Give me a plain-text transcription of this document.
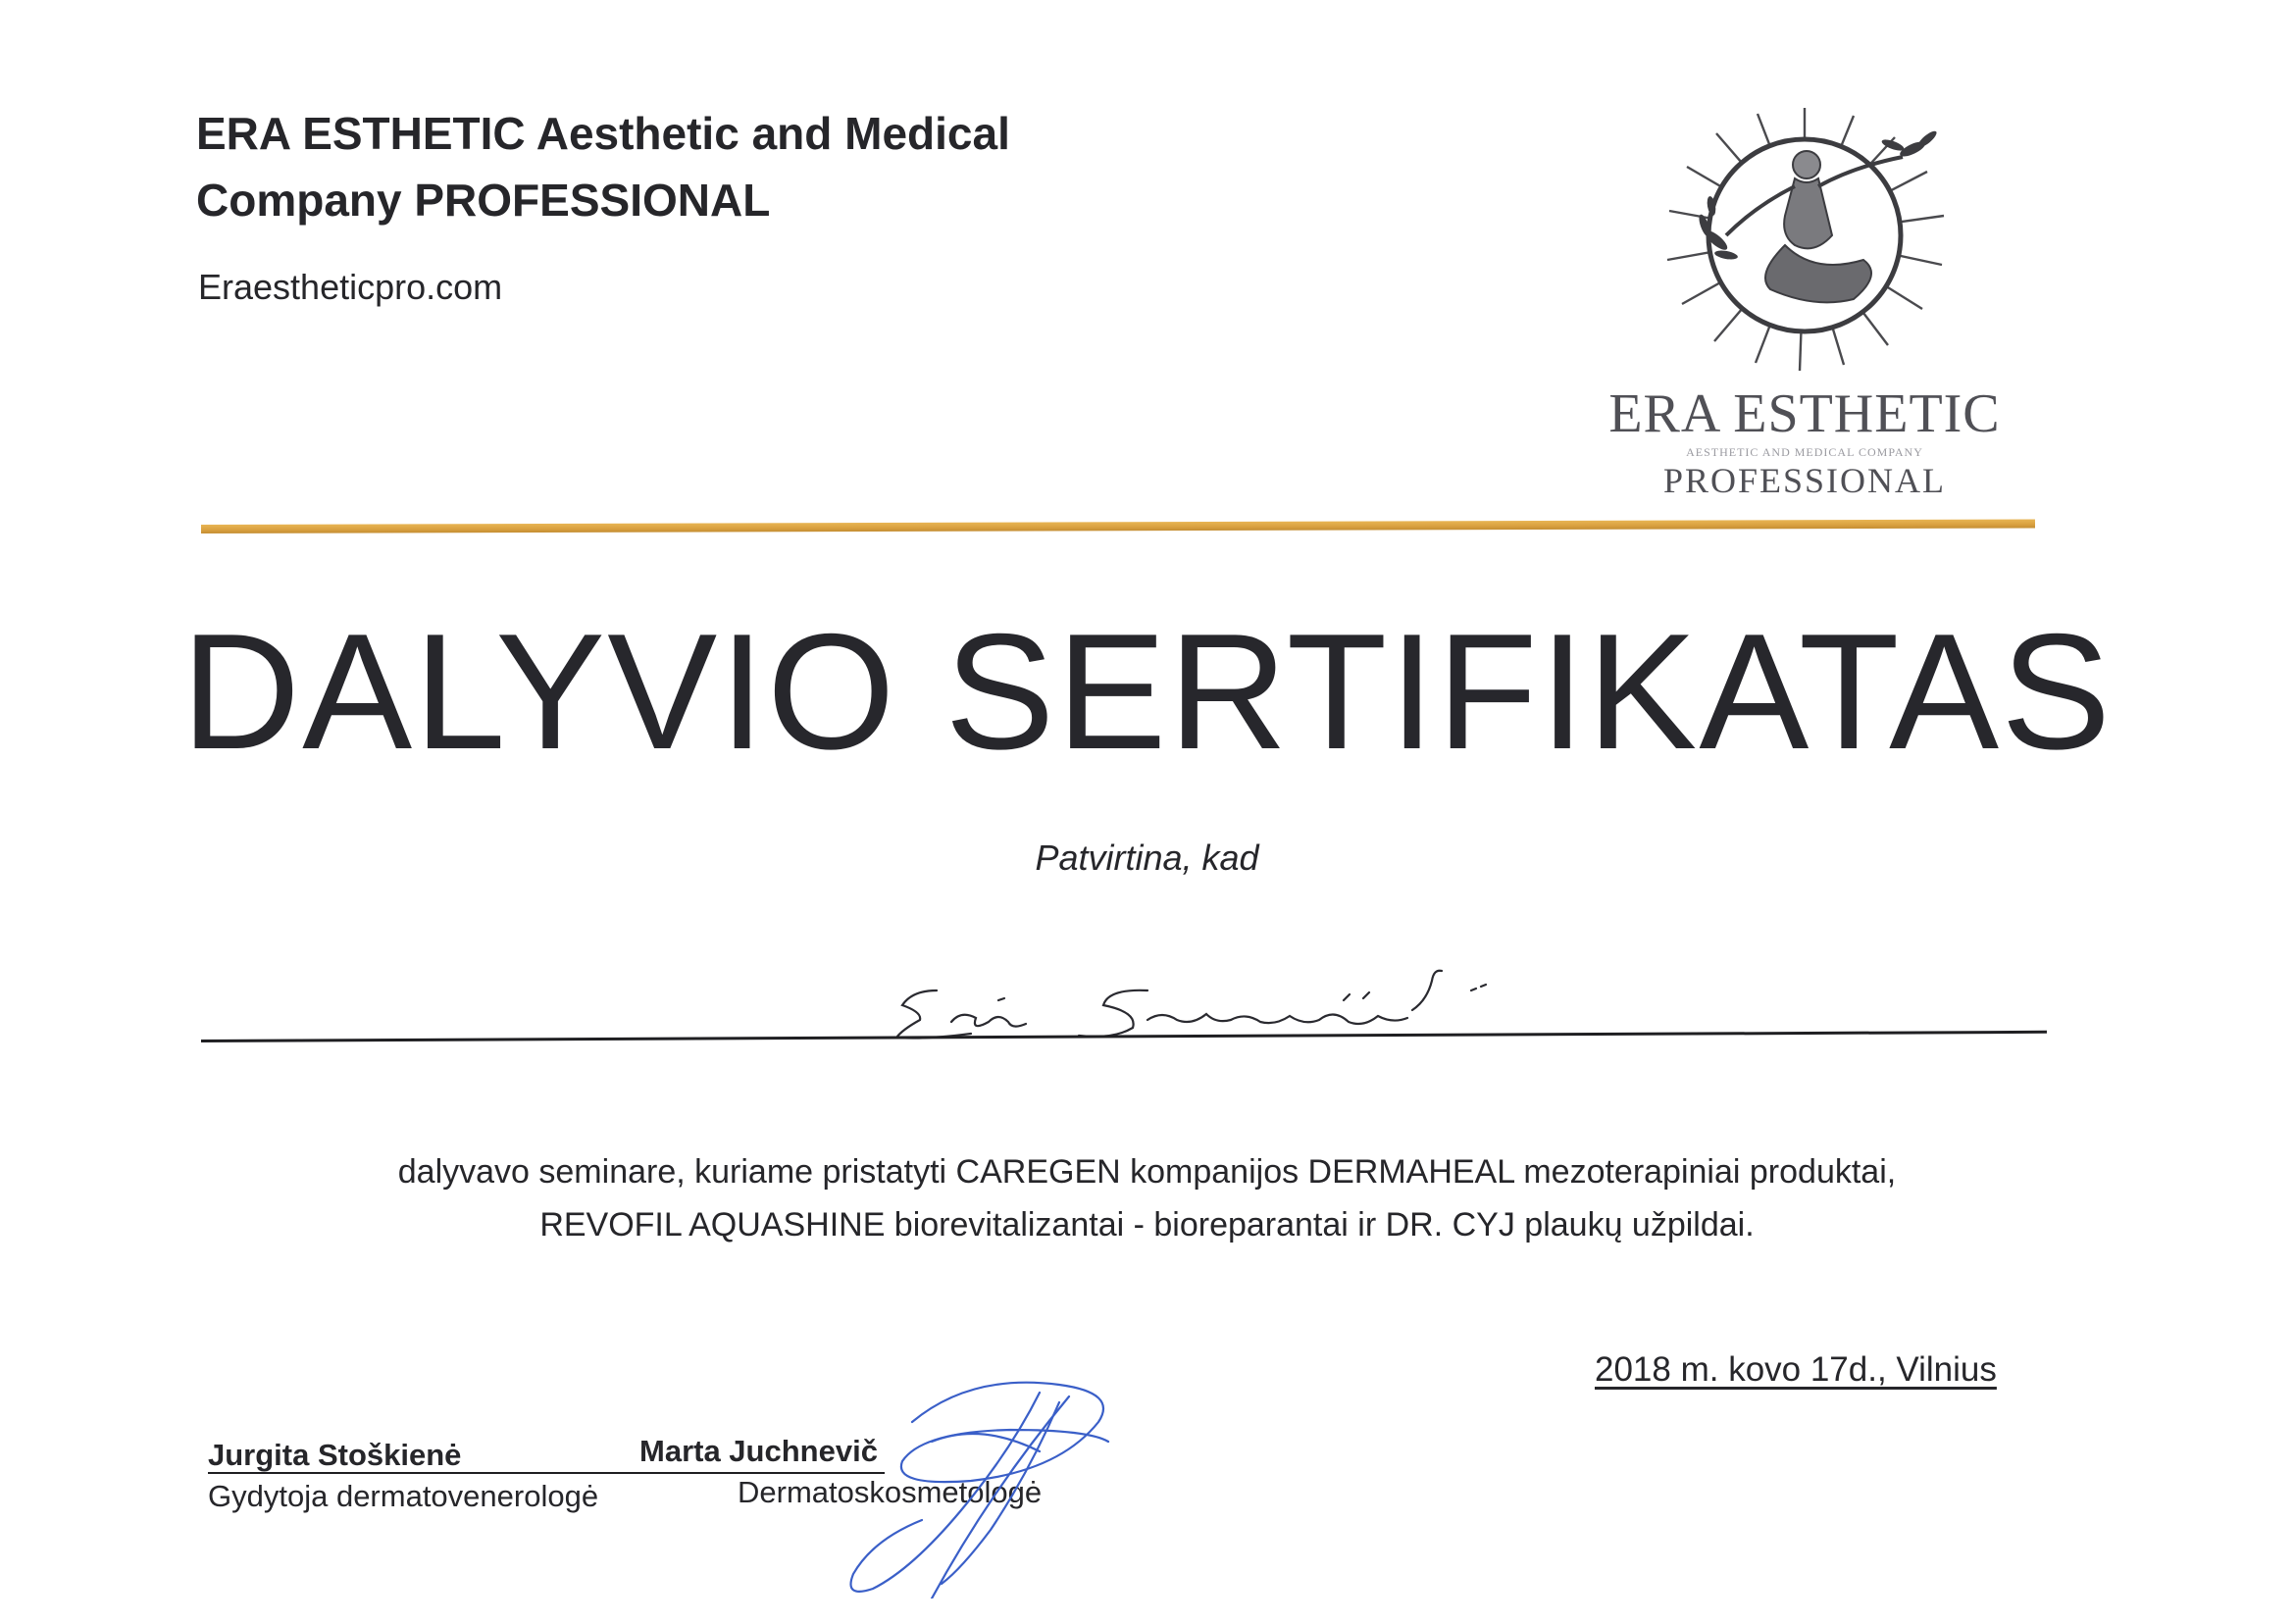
ERA ESTHETIC Aesthetic and Medical Company PROFESSIONAL
Eraestheticpro.com
ERA ESTHETIC
AESTHETIC AND MEDICAL COMPANY
PROFESSIONAL
DALYVIO SERTIFIKATAS
Patvirtina, kad
dalyvavo seminare, kuriame pristatyti CAREGEN kompanijos DERMAHEAL mezoterapiniai produktai,
REVOFIL AQUASHINE biorevitalizantai - bioreparantai ir DR. CYJ plaukų užpildai.
2018 m. kovo 17d., Vilnius
Jurgita Stoškienė
Gydytoja dermatovenerologė
Marta Juchnevič
Dermatoskosmetologė
